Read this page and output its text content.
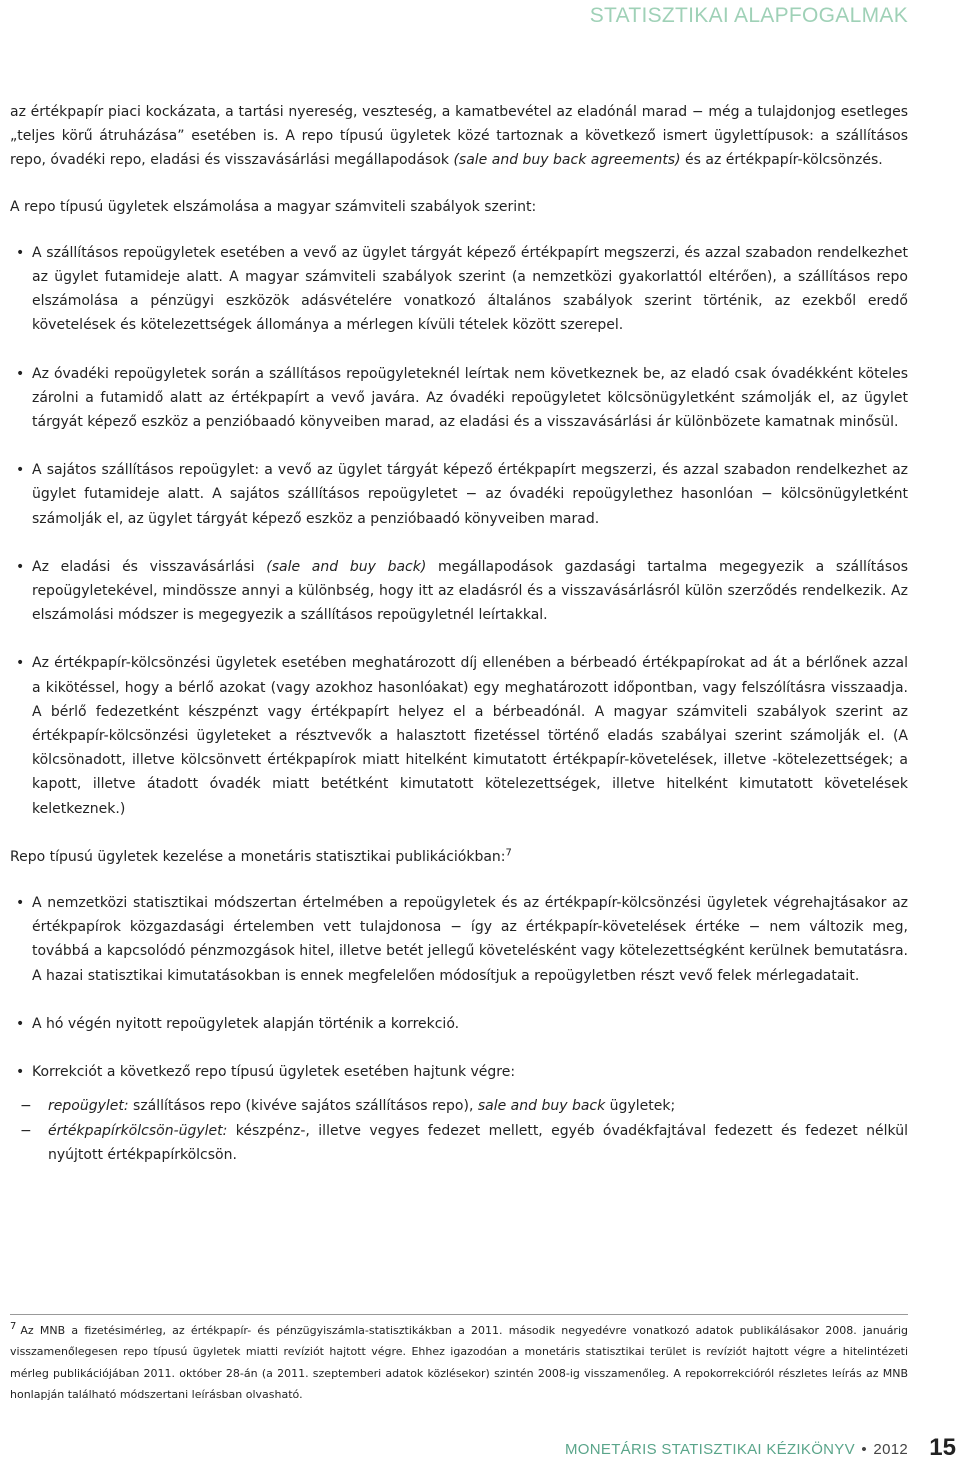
STATISZTIKAI ALAPFOGALMAK

az értékpapír piaci kockázata, a tartási nyereség, veszteség, a kamatbevétel az eladónál marad − még a tulajdonjog esetleges „teljes körű átruházása” esetében is. A repo típusú ügyletek közé tartoznak a következő ismert ügylettípusok: a szállításos repo, óvadéki repo, eladási és visszavásárlási megállapodások (sale and buy back agreements) és az értékpapír-kölcsönzés.

A repo típusú ügyletek elszámolása a magyar számviteli szabályok szerint:

• A szállításos repoügyletek esetében a vevő az ügylet tárgyát képező értékpapírt megszerzi, és azzal szabadon rendelkezhet az ügylet futamideje alatt. A magyar számviteli szabályok szerint (a nemzetközi gyakorlattól eltérően), a szállításos repo elszámolása a pénzügyi eszközök adásvételére vonatkozó általános szabályok szerint történik, az ezekből eredő követelések és kötelezettségek állománya a mérlegen kívüli tételek között szerepel.
• Az óvadéki repoügyletek során a szállításos repoügyleteknél leírtak nem következnek be, az eladó csak óvadékként köteles zárolni a futamidő alatt az értékpapírt a vevő javára. Az óvadéki repoügyletet kölcsönügyletként számolják el, az ügylet tárgyát képező eszköz a penzióbaadó könyveiben marad, az eladási és a visszavásárlási ár különbözete kamatnak minősül.
• A sajátos szállításos repoügylet: a vevő az ügylet tárgyát képező értékpapírt megszerzi, és azzal szabadon rendelkezhet az ügylet futamideje alatt. A sajátos szállításos repoügyletet − az óvadéki repoügylethez hasonlóan − kölcsönügyletként számolják el, az ügylet tárgyát képező eszköz a penzióbaadó könyveiben marad.
• Az eladási és visszavásárlási (sale and buy back) megállapodások gazdasági tartalma megegyezik a szállításos repoügyletekével, mindössze annyi a különbség, hogy itt az eladásról és a visszavásárlásról külön szerződés rendelkezik. Az elszámolási módszer is megegyezik a szállításos repoügyletnél leírtakkal.
• Az értékpapír-kölcsönzési ügyletek esetében meghatározott díj ellenében a bérbeadó értékpapírokat ad át a bérlőnek azzal a kikötéssel, hogy a bérlő azokat (vagy azokhoz hasonlóakat) egy meghatározott időpontban, vagy felszólításra visszaadja. A bérlő fedezetként készpénzt vagy értékpapírt helyez el a bérbeadónál. A magyar számviteli szabályok szerint az értékpapír-kölcsönzési ügyleteket a résztvevők a halasztott fizetéssel történő eladás szabályai szerint számolják el. (A kölcsönadott, illetve kölcsönvett értékpapírok miatt hitelként kimutatott értékpapír-követelések, illetve -kötelezettségek; a kapott, illetve átadott óvadék miatt betétként kimutatott kötelezettségek, illetve hitelként kimutatott követelések keletkeznek.)

Repo típusú ügyletek kezelése a monetáris statisztikai publikációkban:$^7$

• A nemzetközi statisztikai módszertan értelmében a repoügyletek és az értékpapír-kölcsönzési ügyletek végrehajtásakor az értékpapírok közgazdasági értelemben vett tulajdonosa − így az értékpapír-követelések értéke − nem változik meg, továbbá a kapcsolódó pénzmozgások hitel, illetve betét jellegű követelésként vagy kötelezettségként kerülnek bemutatásra. A hazai statisztikai kimutatásokban is ennek megfelelően módosítjuk a repoügyletben részt vevő felek mérlegadatait.
• A hó végén nyitott repoügyletek alapján történik a korrekció.
• Korrekciót a következő repo típusú ügyletek esetében hajtunk végre:
− repoügylet: szállításos repo (kivéve sajátos szállításos repo), sale and buy back ügyletek;
− értékpapírkölcsön-ügylet: készpénz-, illetve vegyes fedezet mellett, egyéb óvadékfajtával fedezett és fedezet nélkül nyújtott értékpapírkölcsön.
7 Az MNB a fizetésimérleg, az értékpapír- és pénzügyiszámla-statisztikákban a 2011. második negyedévre vonatkozó adatok publikálásakor 2008. januárig visszamenőlegesen repo típusú ügyletek miatti revíziót hajtott végre. Ehhez igazodóan a monetáris statisztikai terület is revíziót hajtott végre a hitelintézeti mérleg publikációjában 2011. október 28-án (a 2011. szeptemberi adatok közlésekor) szintén 2008-ig visszamenőleg. A repokorrekcióról részletes leírás az MNB honlapján található módszertani leírásban olvasható.
MONETÁRIS STATISZTIKAI KÉZIKÖNYV • 2012 15
